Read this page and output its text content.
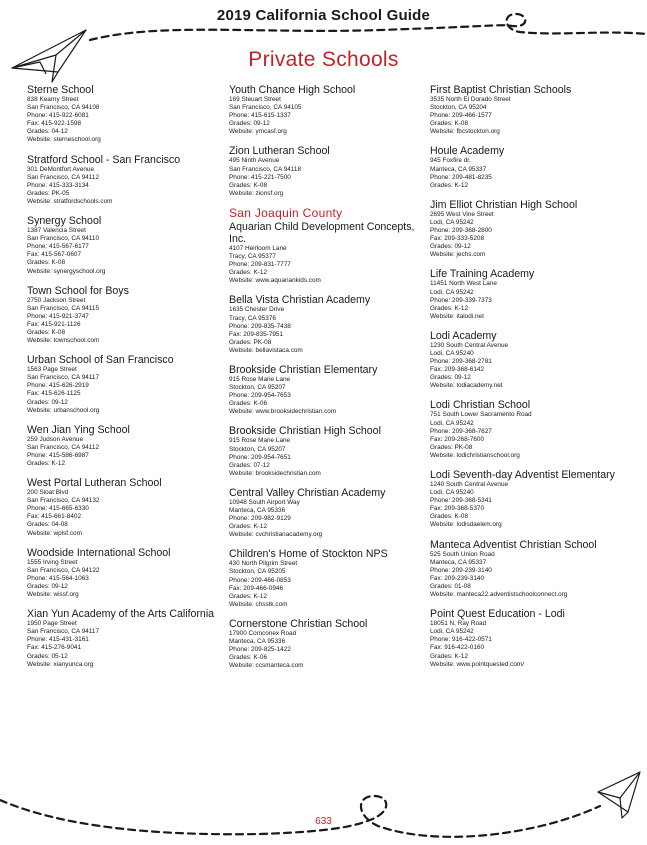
2019 California School Guide
Private Schools
Sterne School
838 Kearny Street
San Francisco, CA 94108
Phone: 415-922-6081
Fax: 415-922-1598
Grades: 04-12
Website: sterneschool.org
Stratford School - San Francisco
301 DeMontfort Avenue
San Francisco, CA 94112
Phone: 415-333-3134
Grades: PK-05
Website: stratfordschools.com
Synergy School
1387 Valencia Street
San Francisco, CA 94110
Phone: 415-567-6177
Fax: 415-567-0607
Grades: K-08
Website: synergyschool.org
Town School for Boys
2750 Jackson Street
San Francisco, CA 94115
Phone: 415-921-3747
Fax: 415-921-1126
Grades: K-08
Website: townschool.com
Urban School of San Francisco
1563 Page Street
San Francisco, CA 94117
Phone: 415-626-2919
Fax: 415-626-1125
Grades: 09-12
Website: urbanschool.org
Wen Jian Ying School
259 Judson Avenue
San Francisco, CA 94112
Phone: 415-586-6987
Grades: K-12
West Portal Lutheran School
200 Sloat Blvd
San Francisco, CA 94132
Phone: 415-665-6330
Fax: 415-661-8402
Grades: 04-08
Website: wplsf.com
Woodside International School
1555 Irving Street
San Francisco, CA 94122
Phone: 415-564-1063
Grades: 09-12
Website: wissf.org
Xian Yun Academy of the Arts California
1950 Page Street
San Francisco, CA 94117
Phone: 415-431-3161
Fax: 415-276-9041
Grades: 05-12
Website: xianyunca.org
Youth Chance High School
169 Steuart Street
San Francisco, CA 94105
Phone: 415-615-1337
Grades: 09-12
Website: ymcasf.org
Zion Lutheran School
495 Ninth Avenue
San Francisco, CA 94118
Phone: 415-221-7500
Grades: K-08
Website: zionsf.org
San Joaquin County
Aquarian Child Development Concepts, Inc.
4107 Heirloom Lane
Tracy, CA 95377
Phone: 209-831-7777
Grades: K-12
Website: www.aquariankids.com
Bella Vista Christian Academy
1635 Chester Drive
Tracy, CA 95376
Phone: 209-835-7438
Fax: 209-835-7951
Grades: PK-08
Website: bellavistaca.com
Brookside Christian Elementary
915 Rose Marie Lane
Stockton, CA 95207
Phone: 209-954-7653
Grades: K-06
Website: www.brooksidechristian.com
Brookside Christian High School
915 Rose Marie Lane
Stockton, CA 95207
Phone: 209-954-7651
Grades: 07-12
Website: brooksidechristian.com
Central Valley Christian Academy
10948 South Airport Way
Manteca, CA 95336
Phone: 209-982-9129
Grades: K-12
Website: cvchristianacademy.org
Children's Home of Stockton NPS
430 North Pilgrim Street
Stockton, CA 95205
Phone: 209-466-0853
Fax: 209-466-0946
Grades: K-12
Website: chsstk.com
Cornerstone Christian School
17900 Comconex Road
Manteca, CA 95336
Phone: 209-825-1422
Grades: K-06
Website: ccsmanteca.com
First Baptist Christian Schools
3535 North El Dorado Street
Stockton, CA 95204
Phone: 209-466-1577
Grades: K-08
Website: fbcstockton.org
Houle Academy
945 Foxfire dr.
Manteca, CA 95337
Phone: 209-481-8235
Grades: K-12
Jim Elliot Christian High School
2695 West Vine Street
Lodi, CA 95242
Phone: 209-368-2800
Fax: 209-333-5208
Grades: 09-12
Website: jechs.com
Life Training Academy
11451 North West Lane
Lodi, CA 95242
Phone: 209-339-7373
Grades: K-12
Website: italodi.net
Lodi Academy
1230 South Central Avenue
Lodi, CA 95240
Phone: 209-368-2781
Fax: 209-368-6142
Grades: 09-12
Website: lodiacademy.net
Lodi Christian School
751 South Lower Sacramento Road
Lodi, CA 95242
Phone: 209-368-7627
Fax: 209-268-7600
Grades: PK-08
Website: lodichristianschool.org
Lodi Seventh-day Adventist Elementary
1240 South Central Avenue
Lodi, CA 95240
Phone: 209-368-5341
Fax: 209-368-5370
Grades: K-08
Website: lodisdaelem.org
Manteca Adventist Christian School
525 South Union Road
Manteca, CA 95337
Phone: 209-239-3140
Fax: 209-239-3140
Grades: 01-08
Website: manteca22.adventistschoolconnect.org
Point Quest Education - Lodi
18051 N. Ray Road
Lodi, CA 95242
Phone: 916-422-0571
Fax: 916-422-0160
Grades: K-12
Website: www.pointquested.com/
633
